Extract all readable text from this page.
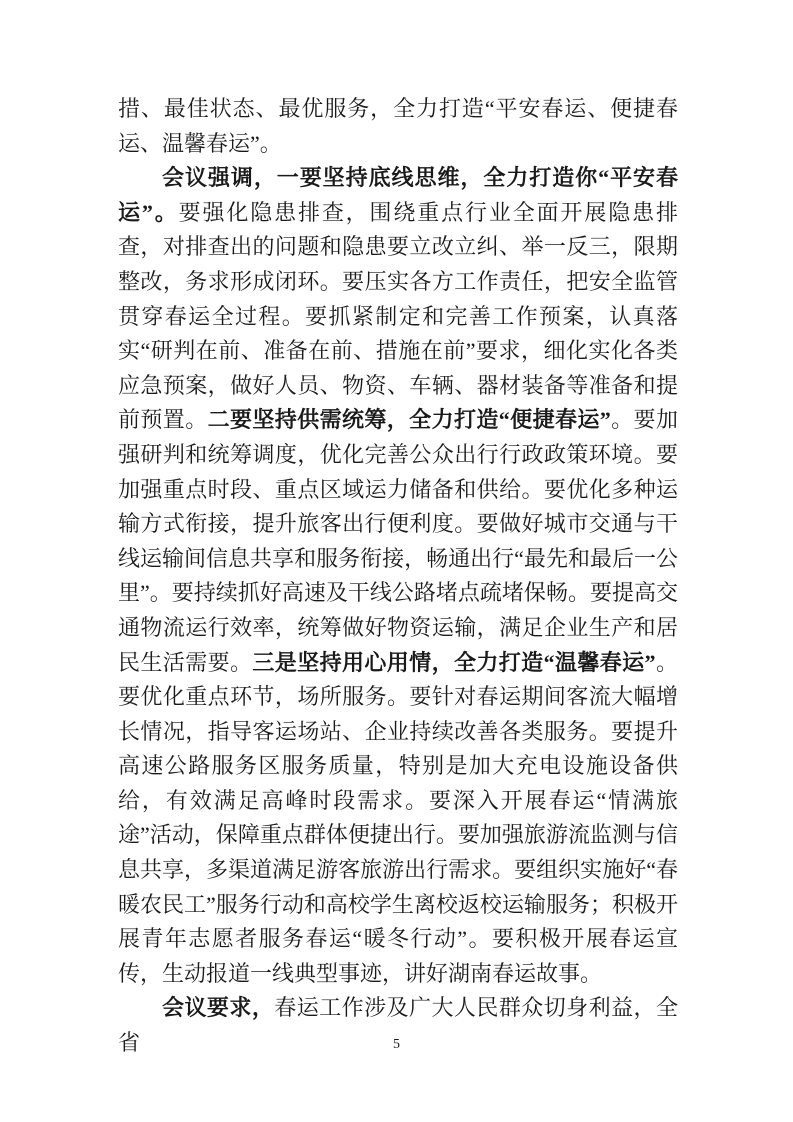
措、最佳状态、最优服务，全力打造“平安春运、便捷春运、温馨春运”。

会议强调，一要坚持底线思维，全力打造你“平安春运”。要强化隐患排查，围绕重点行业全面开展隐患排查，对排查出的问题和隐患要立改立纠、举一反三，限期整改，务求形成闭环。要压实各方工作责任，把安全监管贯穿春运全过程。要抓紧制定和完善工作预案，认真落实“研判在前、准备在前、措施在前”要求，细化实化各类应急预案，做好人员、物资、车辆、器材装备等准备和提前预置。二要坚持供需统筹，全力打造“便捷春运”。要加强研判和统筹调度，优化完善公众出行行政政策环境。要加强重点时段、重点区域运力储备和供给。要优化多种运输方式衔接，提升旅客出行便利度。要做好城市交通与干线运输间信息共享和服务衔接，畅通出行“最先和最后一公里”。要持续抓好高速及干线公路堵点疏堵保畅。要提高交通物流运行效率，统筹做好物资运输，满足企业生产和居民生活需要。三是坚持用心用情，全力打造“温馨春运”。要优化重点环节，场所服务。要针对春运期间客流大幅增长情况，指导客运场站、企业持续改善各类服务。要提升高速公路服务区服务质量，特别是加大充电设施设备供给，有效满足高峰时段需求。要深入开展春运“情满旅途”活动，保障重点群体便捷出行。要加强旅游流监测与信息共享，多渠道满足游客旅游出行需求。要组织实施好“春暖农民工”服务行动和高校学生离校返校运输服务；积极开展青年志愿者服务春运“暖冬行动”。要积极开展春运宣传，生动报道一线典型事迹，讲好湖南春运故事。

会议要求，春运工作涉及广大人民群众切身利益，全省	5
